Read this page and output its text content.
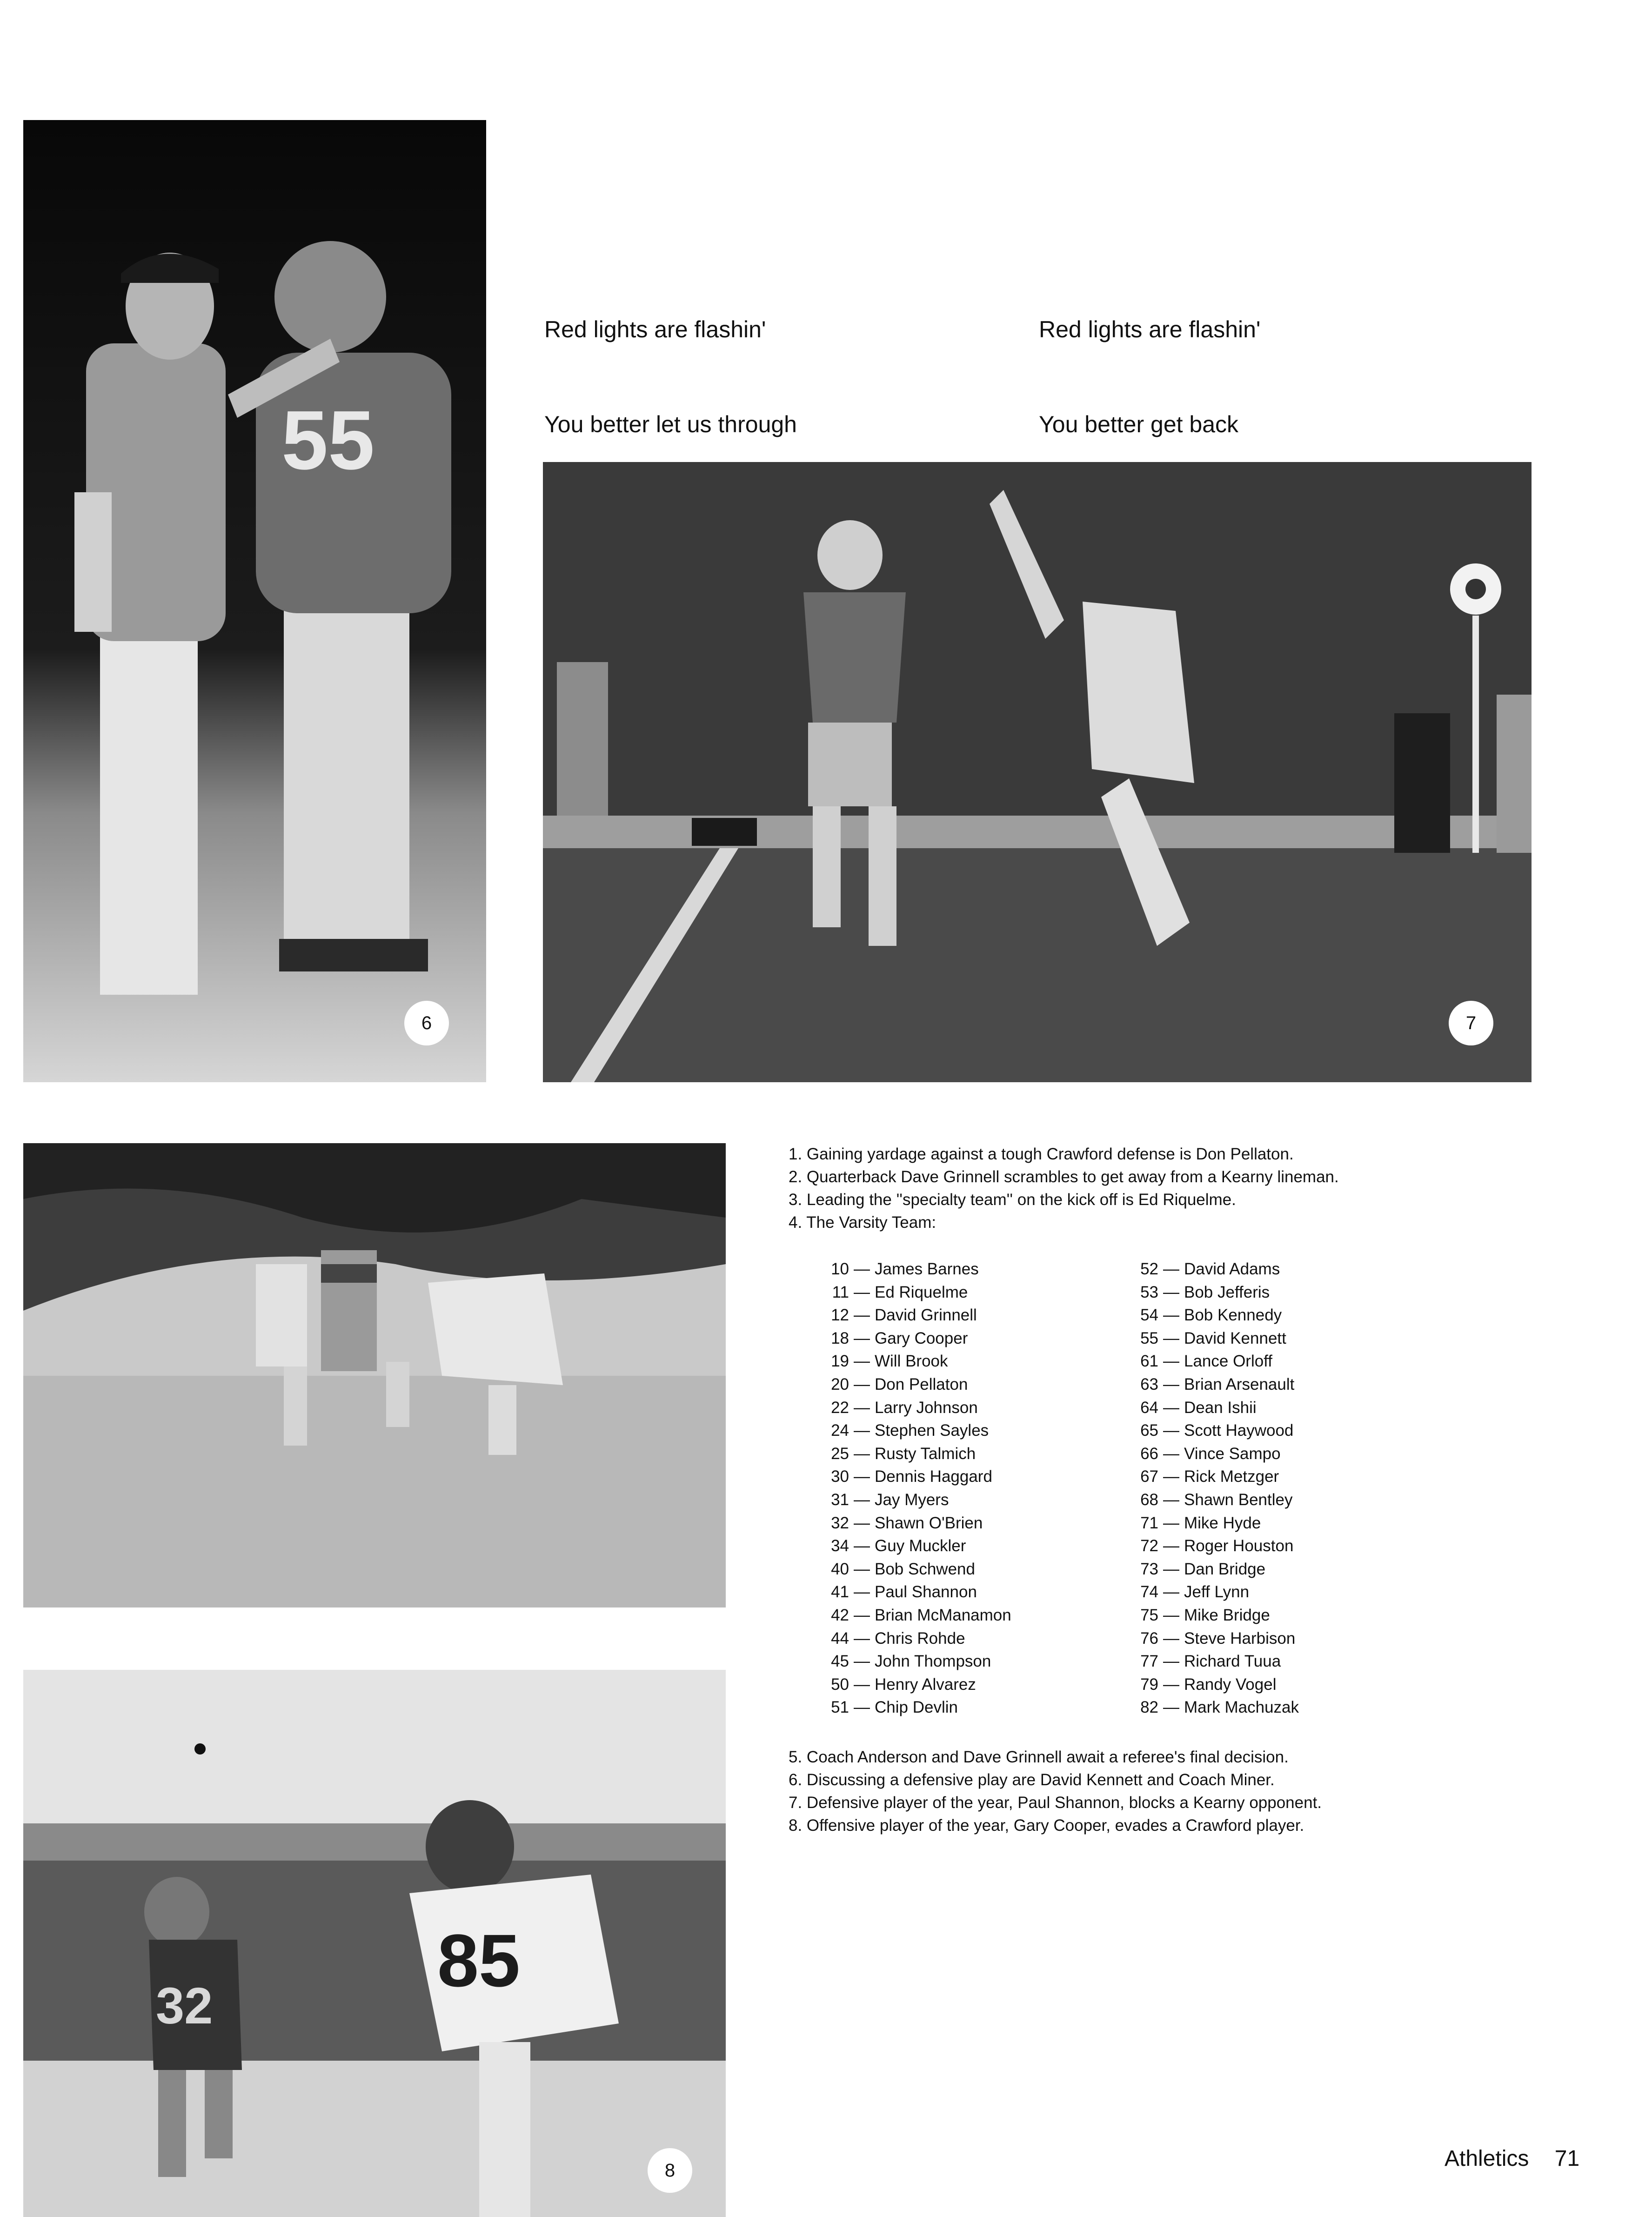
55
6

Red lights are flashin'

You better let us through

Red lights are flashin'

You better get back

7
85
32
8
1. Gaining yardage against a tough Crawford defense is Don Pellaton.
2. Quarterback Dave Grinnell scrambles to get away from a Kearny lineman.
3. Leading the ''specialty team'' on the kick off is Ed Riquelme.
4. The Varsity Team:
10 — James Barnes
11 — Ed Riquelme
12 — David Grinnell
18 — Gary Cooper
19 — Will Brook
20 — Don Pellaton
22 — Larry Johnson
24 — Stephen Sayles
25 — Rusty Talmich
30 — Dennis Haggard
31 — Jay Myers
32 — Shawn O'Brien
34 — Guy Muckler
40 — Bob Schwend
41 — Paul Shannon
42 — Brian McManamon
44 — Chris Rohde
45 — John Thompson
50 — Henry Alvarez
51 — Chip Devlin
52 — David Adams
53 — Bob Jefferis
54 — Bob Kennedy
55 — David Kennett
61 — Lance Orloff
63 — Brian Arsenault
64 — Dean Ishii
65 — Scott Haywood
66 — Vince Sampo
67 — Rick Metzger
68 — Shawn Bentley
71 — Mike Hyde
72 — Roger Houston
73 — Dan Bridge
74 — Jeff Lynn
75 — Mike Bridge
76 — Steve Harbison
77 — Richard Tuua
79 — Randy Vogel
82 — Mark Machuzak
5. Coach Anderson and Dave Grinnell await a referee's final decision.
6. Discussing a defensive play are David Kennett and Coach Miner.
7. Defensive player of the year, Paul Shannon, blocks a Kearny opponent.
8. Offensive player of the year, Gary Cooper, evades a Crawford player.
Athletics 71
